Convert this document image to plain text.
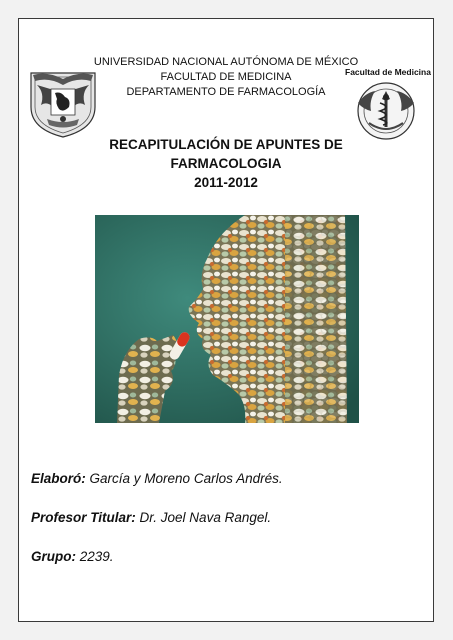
UNIVERSIDAD NACIONAL AUTÓNOMA DE MÉXICO
FACULTAD DE MEDICINA
DEPARTAMENTO DE FARMACOLOGÍA
Facultad de Medicina
RECAPITULACIÓN DE APUNTES DE
FARMACOLOGIA
2011-2012
Elaboró: García y Moreno Carlos Andrés.
Profesor Titular: Dr. Joel Nava Rangel.
Grupo: 2239.
